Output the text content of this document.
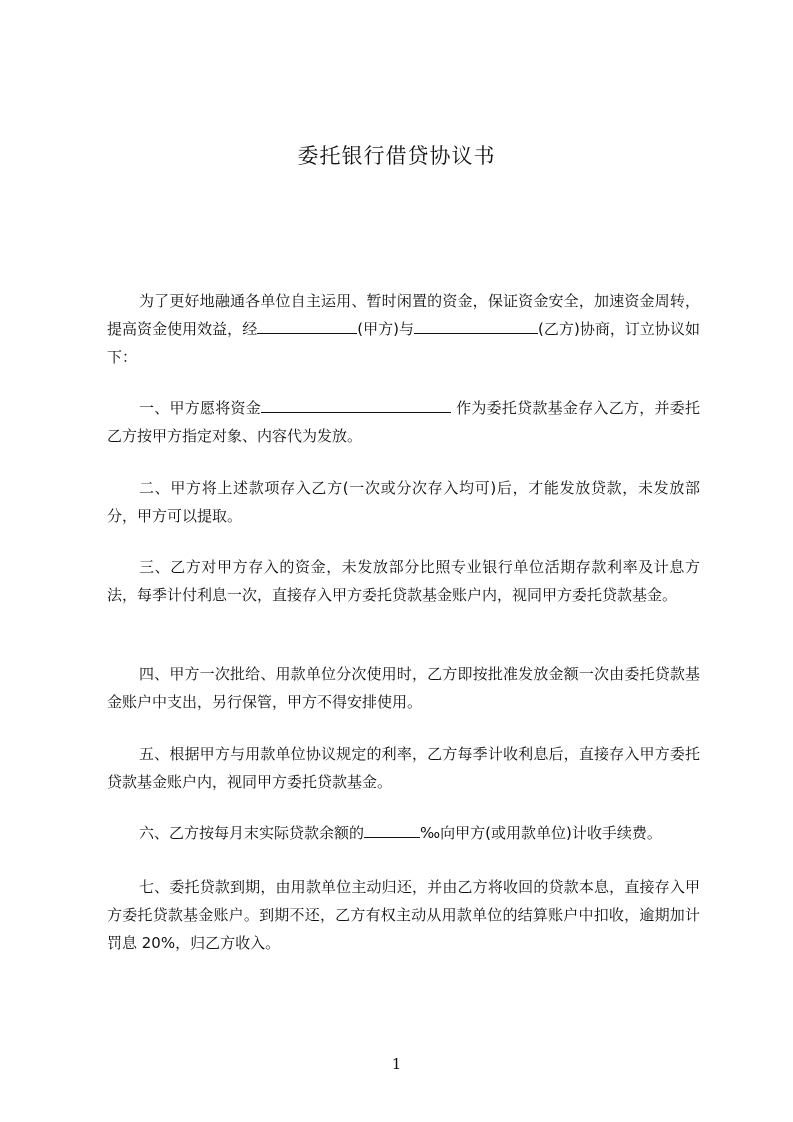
委托银行借贷协议书

为了更好地融通各单位自主运用、暂时闲置的资金，保证资金安全，加速资金周转，提高资金使用效益，经	(甲方)与	(乙方)协商，订立协议如下：

一、甲方愿将资金	作为委托贷款基金存入乙方，并委托乙方按甲方指定对象、内容代为发放。

二、甲方将上述款项存入乙方(一次或分次存入均可)后，才能发放贷款，未发放部分，甲方可以提取。

三、乙方对甲方存入的资金，未发放部分比照专业银行单位活期存款利率及计息方法，每季计付利息一次，直接存入甲方委托贷款基金账户内，视同甲方委托贷款基金。

四、甲方一次批给、用款单位分次使用时，乙方即按批准发放金额一次由委托贷款基金账户中支出，另行保管，甲方不得安排使用。

五、根据甲方与用款单位协议规定的利率，乙方每季计收利息后，直接存入甲方委托贷款基金账户内，视同甲方委托贷款基金。

六、乙方按每月末实际贷款余额的	‰向甲方(或用款单位)计收手续费。

七、委托贷款到期，由用款单位主动归还，并由乙方将收回的贷款本息，直接存入甲方委托贷款基金账户。到期不还，乙方有权主动从用款单位的结算账户中扣收，逾期加计罚息 20%，归乙方收入。

1
